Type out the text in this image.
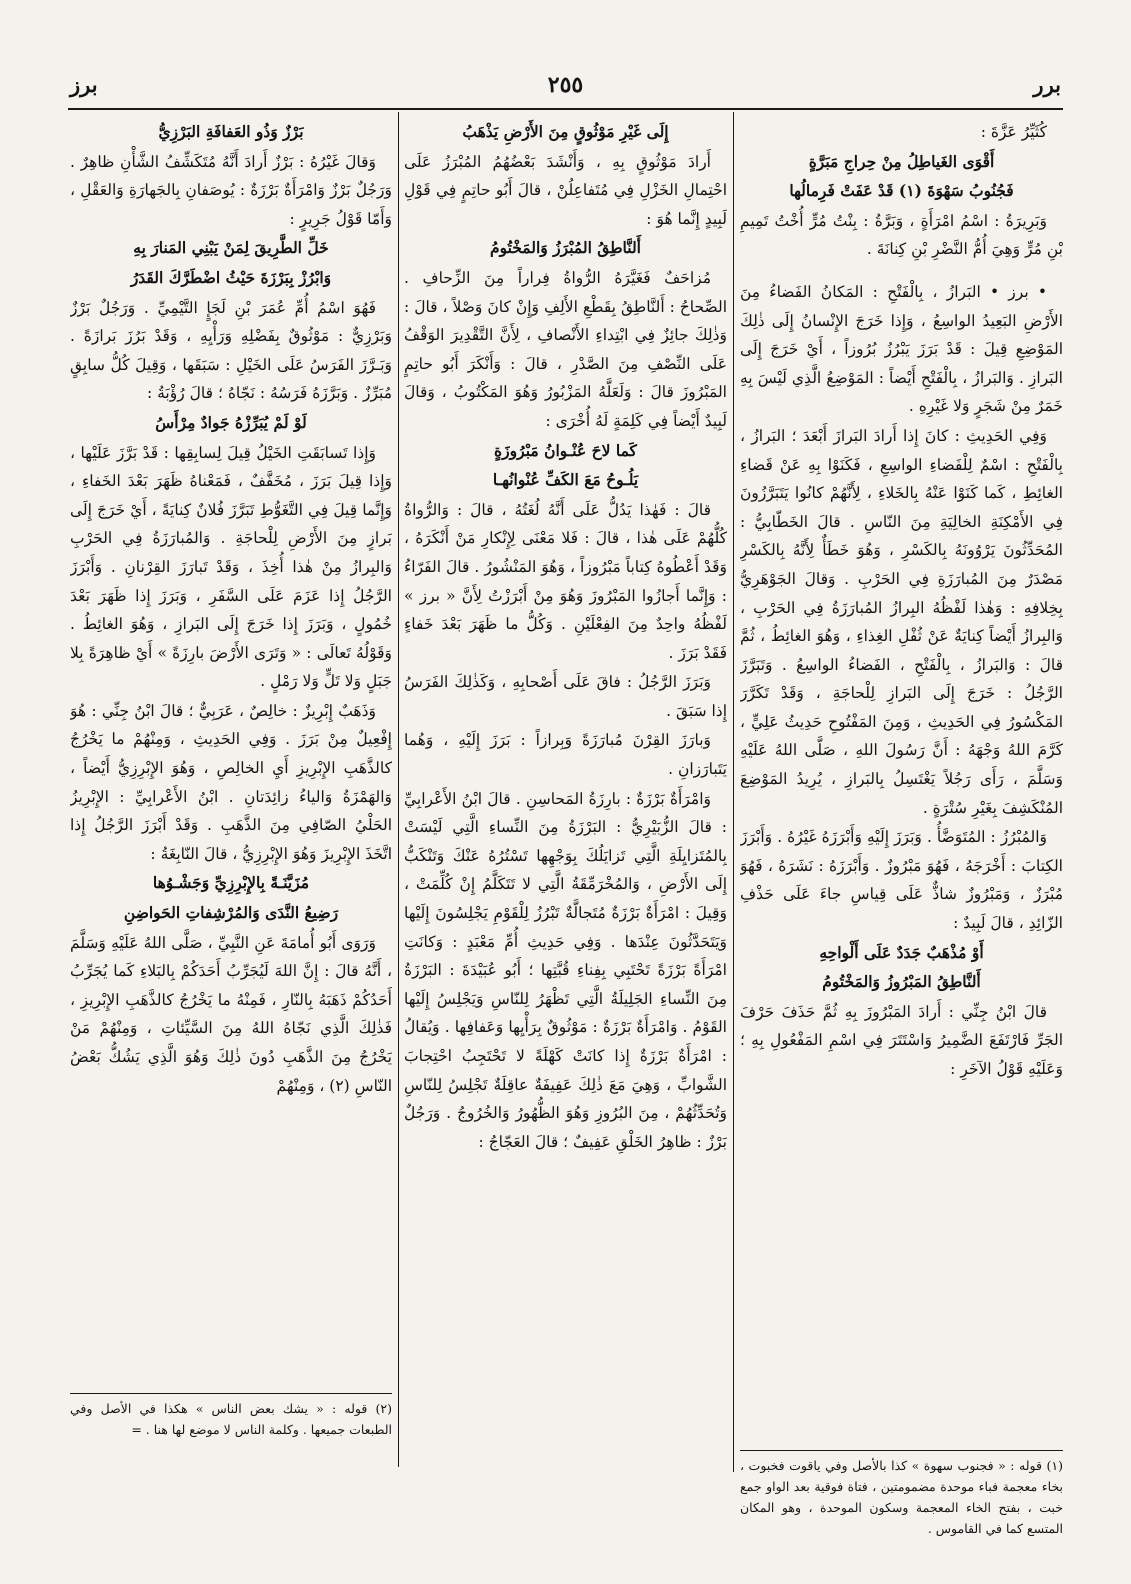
برز	٢٥٥	برر

كُثَيِّرُ عَزَّةَ :

أَقْوَى الغَياطِلُ مِنْ حِراجِ مَبَرَّةٍ

فَجُنُوبُ سَهْوَةَ (١) قَدْ عَفَتْ فَرِمالُها

وَبَرِيرَةُ : اسْمُ امْرَأَةٍ ، وَبَرَّةُ : بِنْتُ مُرٍّ أُخْتُ تَمِيمِ بْنِ مُرٍّ وَهِيَ أُمُّ النَّضْرِ بْنِ كِنانَةَ .

• برز • البَرازُ ، بِالْفَتْحِ : المَكانُ الفَضاءُ مِنَ الأَرْضِ البَعِيدُ الواسِعُ ، وَإِذا خَرَجَ الإِنْسانُ إِلَى ذٰلِكَ المَوْضِعِ قِيلَ : قَدْ بَرَزَ يَبْرُزُ بُرُوزاً ، أَيْ خَرَجَ إِلَى البَرازِ . وَالبَرازُ ، بِالْفَتْحِ أَيْضاً : المَوْضِعُ الَّذِي لَيْسَ بِهِ خَمَرٌ مِنْ شَجَرٍ وَلا غَيْرِهِ .

وَفِي الحَدِيثِ : كانَ إِذا أَرادَ البَرازَ أَبْعَدَ ؛ البَرازُ ، بِالْفَتْحِ : اسْمٌ لِلْفَضاءِ الواسِعِ ، فَكَنَوْا بِهِ عَنْ قَضاءِ الغائِطِ ، كَما كَنَوْا عَنْهُ بِالخَلاءِ ، لِأَنَّهُمْ كانُوا يَتَبَرَّزُونَ فِي الأَمْكِنَةِ الخالِيَةِ مِنَ النّاسِ . قالَ الخَطّابِيُّ : المُحَدِّثُونَ يَرْوُونَهُ بِالكَسْرِ ، وَهُوَ خَطَأٌ لِأَنَّهُ بِالكَسْرِ مَصْدَرٌ مِنَ المُبارَزَةِ فِي الحَرْبِ . وَقالَ الجَوْهَرِيُّ بِخِلافِهِ : وَهٰذا لَفْظُهُ البِرازُ المُبارَزَةُ فِي الحَرْبِ ، وَالبِرازُ أَيْضاً كِنايَةٌ عَنْ ثُفْلِ الغِذاءِ ، وَهُوَ الغائِطُ ، ثُمَّ قالَ : وَالبَرازُ ، بِالْفَتْحِ ، الفَضاءُ الواسِعُ . وَتَبَرَّزَ الرَّجُلُ : خَرَجَ إِلَى البَرازِ لِلْحاجَةِ ، وَقَدْ تَكَرَّرَ المَكْسُورُ فِي الحَدِيثِ ، وَمِنَ المَفْتُوحِ حَدِيثُ عَلِيٍّ ، كَرَّمَ اللهُ وَجْهَهُ : أَنَّ رَسُولَ اللهِ ، صَلَّى اللهُ عَلَيْهِ وَسَلَّمَ ، رَأَى رَجُلاً يَغْتَسِلُ بِالبَرازِ ، يُرِيدُ المَوْضِعَ المُنْكَشِفَ بِغَيْرِ سُتْرَةٍ .

وَالمُبْرُزُ : المُتَوَضَّأُ . وَبَرَزَ إِلَيْهِ وَأَبْرَزَهُ غَيْرُهُ . وَأَبْرَزَ الكِتابَ : أَخْرَجَهُ ، فَهُوَ مَبْرُوزٌ . وَأَبْرَزَهُ : نَشَرَهُ ، فَهُوَ مُبْرَزٌ ، وَمَبْرُوزٌ شاذٌّ عَلَى قِياسِ جاءَ عَلَى حَذْفِ الزّائِدِ ، قالَ لَبِيدٌ :

أَوْ مُذْهَبٌ جَدَدٌ عَلَى أَلْواحِهِ

أَلنَّاطِقُ المَبْرُوزُ وَالمَخْتُومُ

قالَ ابْنُ جِنِّي : أَرادَ المَبْرُوزَ بِهِ ثُمَّ حَذَفَ حَرْفَ الجَرِّ فَارْتَفَعَ الضَّمِيرُ وَاسْتَتَرَ فِي اسْمِ المَفْعُولِ بِهِ ؛ وَعَلَيْهِ قَوْلُ الآخَرِ :

إِلَى غَيْرِ مَوْثُوقٍ مِنَ الأَرْضِ يَذْهَبُ

أَرادَ مَوْثُوقٍ بِهِ ، وَأَنْشَدَ بَعْضُهُمُ المُبْرَزُ عَلَى احْتِمالِ الخَزْلِ فِي مُتَفاعِلُنْ ، قالَ أَبُو حاتِمٍ فِي قَوْلِ لَبِيدٍ إِنَّما هُوَ :

أَلنَّاطِقُ المُبْرَزُ وَالمَخْتُومُ

مُزاحَفٌ فَغَيَّرَهُ الرُّواةُ فِراراً مِنَ الزِّحافِ . الصِّحاحُ : أَلنَّاطِقُ بِقَطْعِ الأَلِفِ وَإِنْ كانَ وَصْلاً ، قالَ : وَذٰلِكَ جائِزٌ فِي ابْتِداءِ الأَنْصافِ ، لِأَنَّ التَّقْدِيرَ الوَقْفُ عَلَى النِّصْفِ مِنَ الصَّدْرِ ، قالَ : وَأَنْكَرَ أَبُو حاتِمٍ المَبْرُوزَ قالَ : وَلَعَلَّهُ المَزْبُورُ وَهُوَ المَكْتُوبُ ، وَقالَ لَبِيدٌ أَيْضاً فِي كَلِمَةٍ لَهُ أُخْرَى :

كَما لاحَ عُنْـوانُ مَبْرُوزَةٍ

يَلُـوحُ مَعَ الكَفِّ عُنْوانُهـا

قالَ : فَهٰذا يَدُلُّ عَلَى أَنَّهُ لُغَتُهُ ، قالَ : وَالرُّواةُ كُلُّهُمْ عَلَى هٰذا ، قالَ : فَلا مَعْنَى لِإِنْكارِ مَنْ أَنْكَرَهُ ، وَقَدْ أَعْطُوهُ كِتاباً مَبْرُوزاً ، وَهُوَ المَنْشُورُ . قالَ الفَرّاءُ : وَإِنَّما أَجازُوا المَبْرُوزَ وَهُوَ مِنْ أَبْرَزْتُ لِأَنَّ « برز » لَفْظُهُ واحِدٌ مِنَ الفِعْلَيْنِ . وَكُلُّ ما ظَهَرَ بَعْدَ خَفاءٍ فَقَدْ بَرَزَ .

وَبَرَزَ الرَّجُلُ : فاقَ عَلَى أَصْحابِهِ ، وَكَذٰلِكَ الفَرَسُ إِذا سَبَقَ .

وَبارَزَ القِرْنَ مُبارَزَةً وَبِرازاً : بَرَزَ إِلَيْهِ ، وَهُما يَتَبارَزانِ .

وَامْرَأَةٌ بَرْزَةٌ : بارِزَةُ المَحاسِنِ . قالَ ابْنُ الأَعْرابِيِّ : قالَ الزُّبَيْرِيُّ : البَرْزَةُ مِنَ النِّساءِ الَّتِي لَيْسَتْ بِالمُتَزايِلَةِ الَّتِي تَزايَلُكَ بِوَجْهِها تَسْتُرُهُ عَنْكَ وَتَنْكَبُّ إِلَى الأَرْضِ ، وَالمُخْرَمِّقَةُ الَّتِي لا تَتَكَلَّمُ إِنْ كُلِّمَتْ ، وَقِيلَ : امْرَأَةٌ بَرْزَةٌ مُتَجالَّةٌ تَبْرُزُ لِلْقَوْمِ يَجْلِسُونَ إِلَيْها وَيَتَحَدَّثُونَ عِنْدَها . وَفِي حَدِيثِ أُمِّ مَعْبَدٍ : وَكانَتِ امْرَأَةً بَرْزَةً تَحْتَبِي بِفِناءِ قُبَّتِها ؛ أَبُو عُبَيْدَةَ : البَرْزَةُ مِنَ النِّساءِ الجَلِيلَةُ الَّتِي تَظْهَرُ لِلنّاسِ وَيَجْلِسُ إِلَيْها القَوْمُ . وَامْرَأَةٌ بَرْزَةٌ : مَوْثُوقٌ بِرَأْيِها وَعَفافِها . وَيُقالُ : امْرَأَةٌ بَرْزَةٌ إِذا كانَتْ كَهْلَةً لا تَحْتَجِبُ احْتِجابَ الشَّوابِّ ، وَهِيَ مَعَ ذٰلِكَ عَفِيفَةٌ عاقِلَةٌ تَجْلِسُ لِلنّاسِ وَتُحَدِّثُهُمْ ، مِنَ البُرُوزِ وَهُوَ الظُّهُورُ وَالخُرُوجُ . وَرَجُلٌ بَرْزٌ : ظاهِرُ الخَلْقِ عَفِيفٌ ؛ قالَ العَجّاجُ :

بَرْزٌ وَذُو العَفافَةِ البَرْزِيُّ

وَقالَ غَيْرُهُ : بَرْزٌ أَرادَ أَنَّهُ مُتَكَشِّفُ الشَّأْنِ ظاهِرٌ . وَرَجُلٌ بَرْزٌ وَامْرَأَةٌ بَرْزَةٌ : يُوصَفانِ بِالجَهارَةِ وَالعَقْلِ ، وَأَمّا قَوْلُ جَرِيرٍ :

خَلِّ الطَّرِيقَ لِمَنْ يَبْنِي المَنارَ بِهِ

وَابْرُزْ بِبَرْزَةَ حَيْثُ اضْطَرَّكَ القَدَرُ

فَهُوَ اسْمُ أُمِّ عُمَرَ بْنِ لَجَإٍ التَّيْمِيِّ . وَرَجُلٌ بَرْزٌ وَبَرْزِيٌّ : مَوْثُوقٌ بِفَضْلِهِ وَرَأْيِهِ ، وَقَدْ بَرُزَ بَرازَةً . وَبَـرَّزَ الفَرَسُ عَلَى الخَيْلِ : سَبَقَها ، وَقِيلَ كُلُّ سابِقٍ مُبَرِّزٌ . وَبَرَّزَهُ فَرَسُهُ : نَجّاهُ ؛ قالَ رُؤْبَةُ :

لَوْ لَمْ يُبَرِّزْهُ جَوادٌ مِرْأَسُ

وَإِذا تَسابَقَتِ الخَيْلُ قِيلَ لِسابِقِها : قَدْ بَرَّزَ عَلَيْها ، وَإِذا قِيلَ بَرَزَ ، مُخَفَّفٌ ، فَمَعْناهُ ظَهَرَ بَعْدَ الخَفاءِ ، وَإِنَّما قِيلَ فِي التَّغَوُّطِ تَبَرَّزَ فُلانٌ كِنايَةً ، أَيْ خَرَجَ إِلَى بَرازٍ مِنَ الأَرْضِ لِلْحاجَةِ . وَالمُبارَزَةُ فِي الحَرْبِ وَالبِرازُ مِنْ هٰذا أُخِذَ ، وَقَدْ تَبارَزَ القِرْنانِ . وَأَبْرَزَ الرَّجُلُ إِذا عَزَمَ عَلَى السَّفَرِ ، وَبَرَزَ إِذا ظَهَرَ بَعْدَ خُمُولٍ ، وَبَرَزَ إِذا خَرَجَ إِلَى البَرازِ ، وَهُوَ الغائِطُ . وَقَوْلُهُ تَعالَى : « وَتَرَى الأَرْضَ بارِزَةً » أَيْ ظاهِرَةً بِلا جَبَلٍ وَلا تَلٍّ وَلا رَمْلٍ .

وَذَهَبٌ إِبْرِيزٌ : خالِصٌ ، عَرَبِيٌّ ؛ قالَ ابْنُ جِنِّي : هُوَ إِفْعِيلٌ مِنْ بَرَزَ . وَفِي الحَدِيثِ ، وَمِنْهُمْ ما يَخْرُجُ كالذَّهَبِ الإِبْرِيزِ أَيِ الخالِصِ ، وَهُوَ الإِبْرِزِيُّ أَيْضاً ، وَالهَمْزَةُ وَالياءُ زائِدَتانِ . ابْنُ الأَعْرابِيِّ : الإِبْرِيزُ الحَلْيُ الصّافِي مِنَ الذَّهَبِ . وَقَدْ أَبْرَزَ الرَّجُلُ إِذا اتَّخَذَ الإِبْرِيزَ وَهُوَ الإِبْرِزِيُّ ، قالَ النّابِغَةُ :

مُزَيَّنَـةً بِالإِبْرِزِيِّ وَجَشْـوُها

رَضِيعُ النَّدَى وَالمُرْشِفاتِ الحَواضِنِ

وَرَوَى أَبُو أُمامَةَ عَنِ النَّبِيِّ ، صَلَّى اللهُ عَلَيْهِ وَسَلَّمَ ، أَنَّهُ قالَ : إِنَّ اللهَ لَيُجَرِّبُ أَحَدَكُمْ بِالبَلاءِ كَما يُجَرِّبُ أَحَدُكُمْ ذَهَبَهُ بِالنّارِ ، فَمِنْهُ ما يَخْرُجُ كالذَّهَبِ الإِبْرِيزِ ، فَذٰلِكَ الَّذِي نَجّاهُ اللهُ مِنَ السَّيِّئاتِ ، وَمِنْهُمْ مَنْ يَخْرُجُ مِنَ الذَّهَبِ دُونَ ذٰلِكَ وَهُوَ الَّذِي يَشُكُّ بَعْضُ النّاسِ (٢) ، وَمِنْهُمْ

(٢) قوله : « يشك بعض الناس » هكذا في الأصل وفي الطبعات جميعها . وكلمة الناس لا موضع لها هنا . =
(١) قوله : « فجنوب سهوة » كذا بالأصل وفي ياقوت فخبوت ، بخاء معجمة فباء موحدة مضمومتين ، فتاة فوقية بعد الواو جمع خبت ، بفتح الخاء المعجمة وسكون الموحدة ، وهو المكان المتسع كما في القاموس .
